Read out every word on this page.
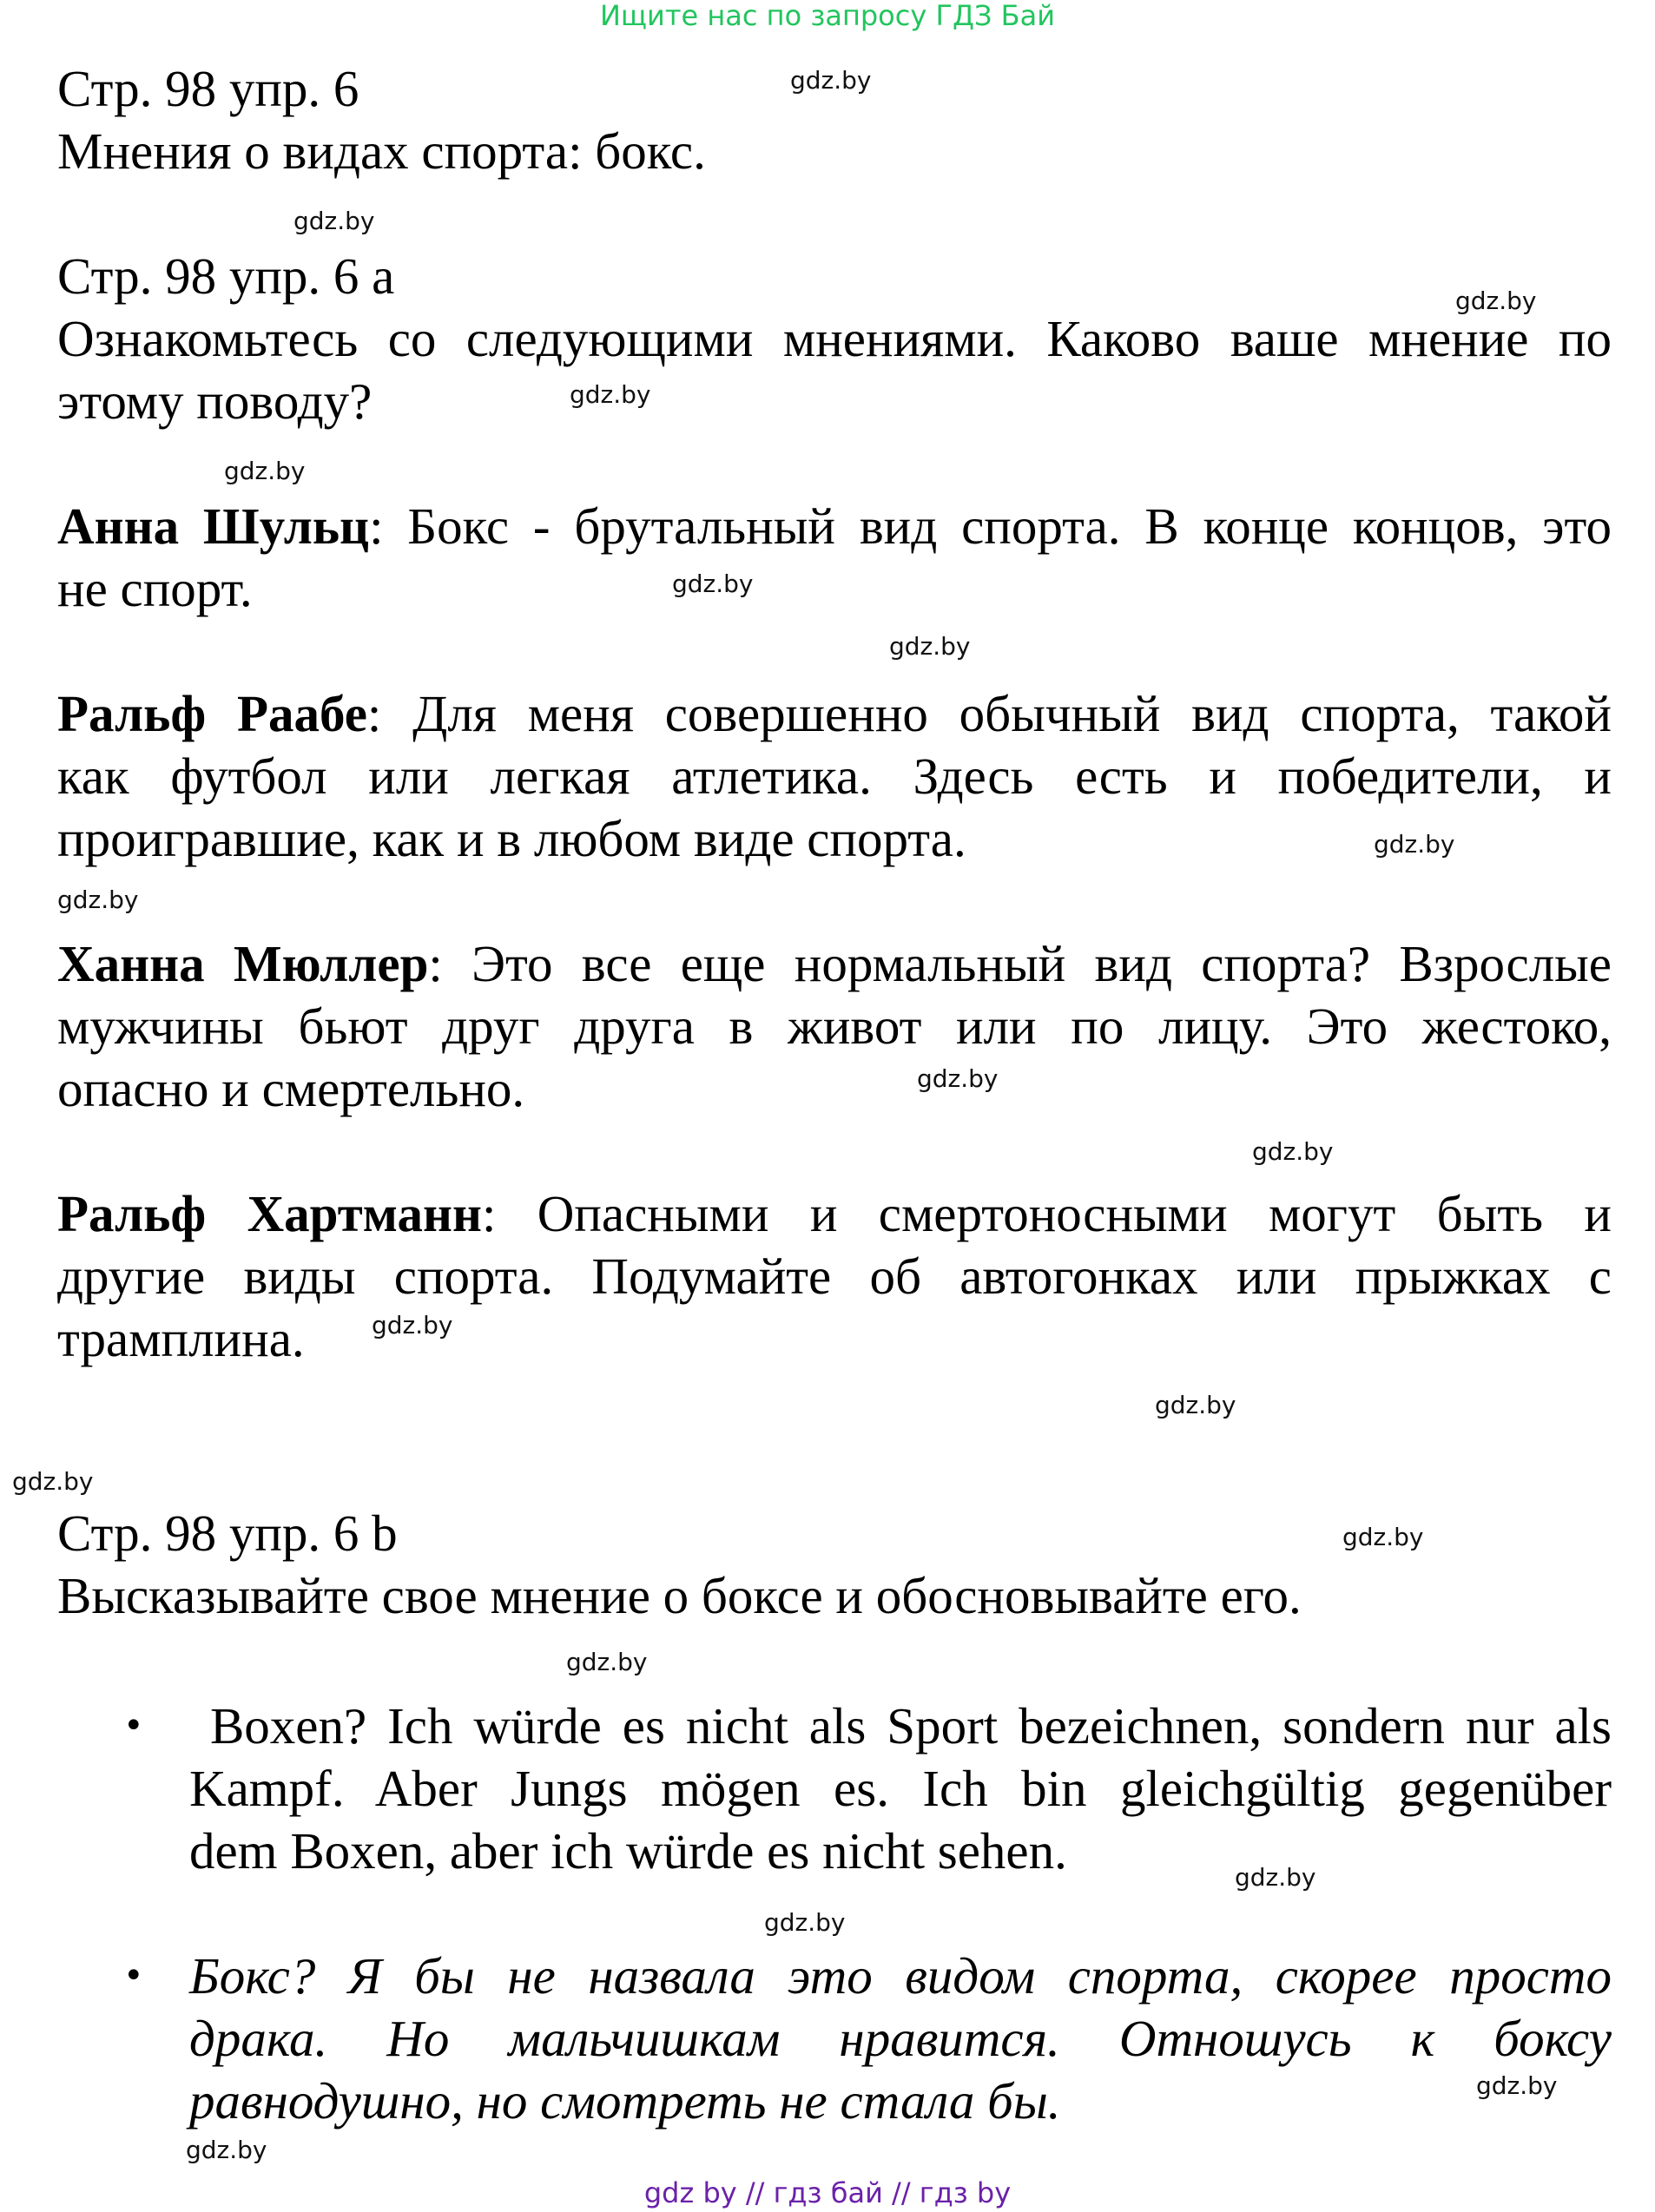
Ищите нас по запросу ГДЗ Бай
Стр. 98 упр. 6
Мнения о видах спорта: бокс.
Стр. 98 упр. 6 a
Ознакомьтесь со следующими мнениями. Каково ваше мнение по
этому поводу?
Анна Шульц: Бокс - брутальный вид спорта. В конце концов, это
не спорт.
Ральф Раабе: Для меня совершенно обычный вид спорта, такой
как футбол или легкая атлетика. Здесь есть и победители, и
проигравшие, как и в любом виде спорта.
Ханна Мюллер: Это все еще нормальный вид спорта? Взрослые
мужчины бьют друг друга в живот или по лицу. Это жестоко,
опасно и смертельно.
Ральф Хартманн: Опасными и смертоносными могут быть и
другие виды спорта. Подумайте об автогонках или прыжках с
трамплина.
Стр. 98 упр. 6 b
Высказывайте свое мнение о боксе и обосновывайте его.
• Boxen? Ich würde es nicht als Sport bezeichnen, sondern nur als
Kampf. Aber Jungs mögen es. Ich bin gleichgültig gegenüber
dem Boxen, aber ich würde es nicht sehen.
• Бокс? Я бы не назвала это видом спорта, скорее просто
драка. Но мальчишкам нравится. Отношусь к боксу
равнодушно, но смотреть не стала бы.
gdz.by
gdz.by
gdz.by
gdz.by
gdz.by
gdz.by
gdz.by
gdz.by
gdz.by
gdz.by
gdz.by
gdz.by
gdz.by
gdz.by
gdz.by
gdz.by
gdz.by
gdz.by
gdz.by
gdz.by
gdz by // гдз бай // гдз by
